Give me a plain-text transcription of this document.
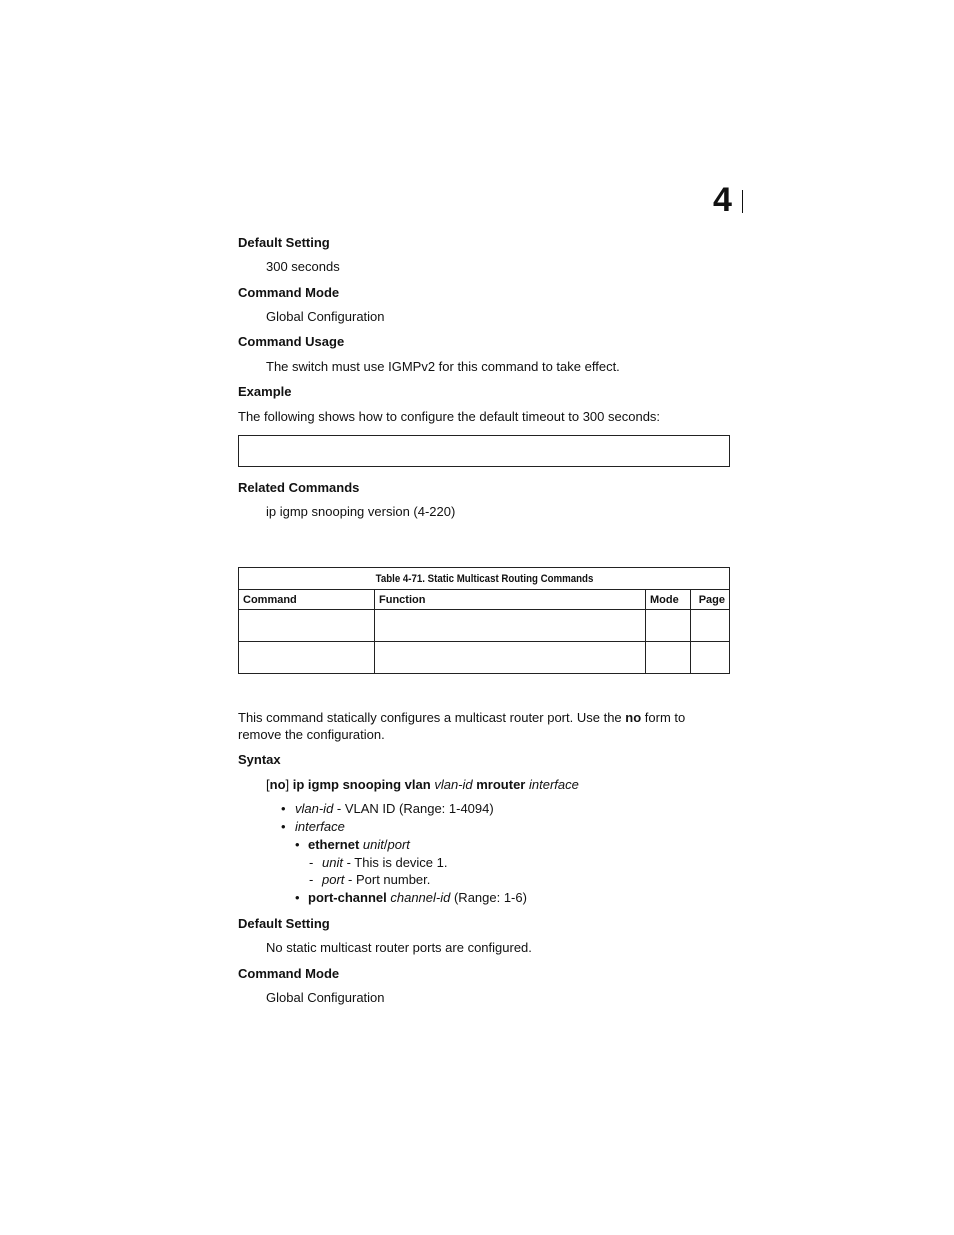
4
Default Setting
300 seconds
Command Mode
Global Configuration
Command Usage
The switch must use IGMPv2 for this command to take effect.
Example
The following shows how to configure the default timeout to 300 seconds:
Related Commands
ip igmp snooping version (4-220)
Table 4-71. Static Multicast Routing Commands			
Command	Function	Mode	Page

This command statically configures a multicast router port. Use the no form to
remove the configuration.
Syntax
[no] ip igmp snooping vlan vlan-id mrouter interface
• vlan-id - VLAN ID (Range: 1-4094)
• interface
• ethernet unit/port
- unit - This is device 1.
- port - Port number.
• port-channel channel-id (Range: 1-6)
Default Setting
No static multicast router ports are configured.
Command Mode
Global Configuration
